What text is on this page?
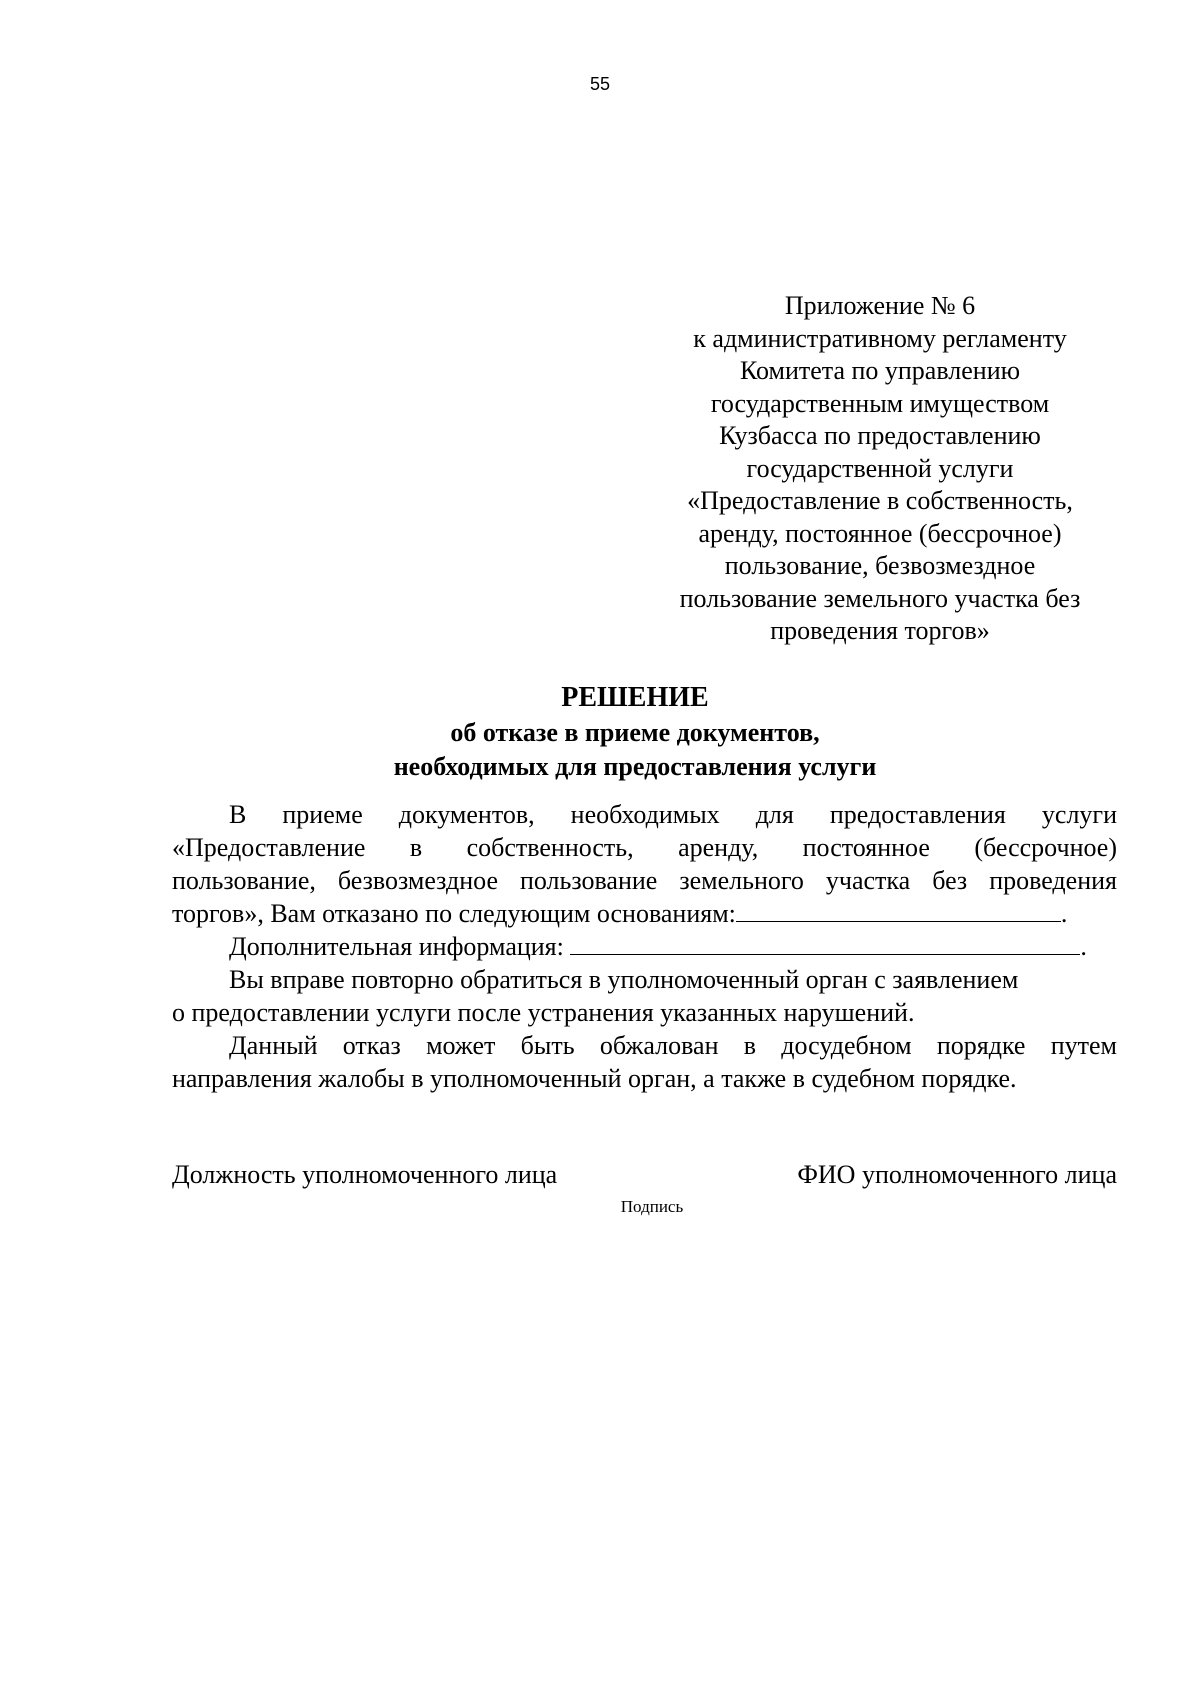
55
Приложение № 6
к административному регламенту
Комитета по управлению
государственным имуществом
Кузбасса по предоставлению
государственной услуги
«Предоставление в собственность,
аренду, постоянное (бессрочное)
пользование, безвозмездное
пользование земельного участка без
проведения торгов»
РЕШЕНИЕ
об отказе в приеме документов,
необходимых для предоставления услуги
В приеме документов, необходимых для предоставления услуги
«Предоставление в собственность, аренду, постоянное (бессрочное)
пользование, безвозмездное пользование земельного участка без проведения
торгов», Вам отказано по следующим основаниям:	.
Дополнительная информация:	.
Вы вправе повторно обратиться в уполномоченный орган с заявлением
о предоставлении услуги после устранения указанных нарушений.
Данный отказ может быть обжалован в досудебном порядке путем
направления жалобы в уполномоченный орган, а также в судебном порядке.
Должность уполномоченного лица	ФИО уполномоченного лица
Подпись
